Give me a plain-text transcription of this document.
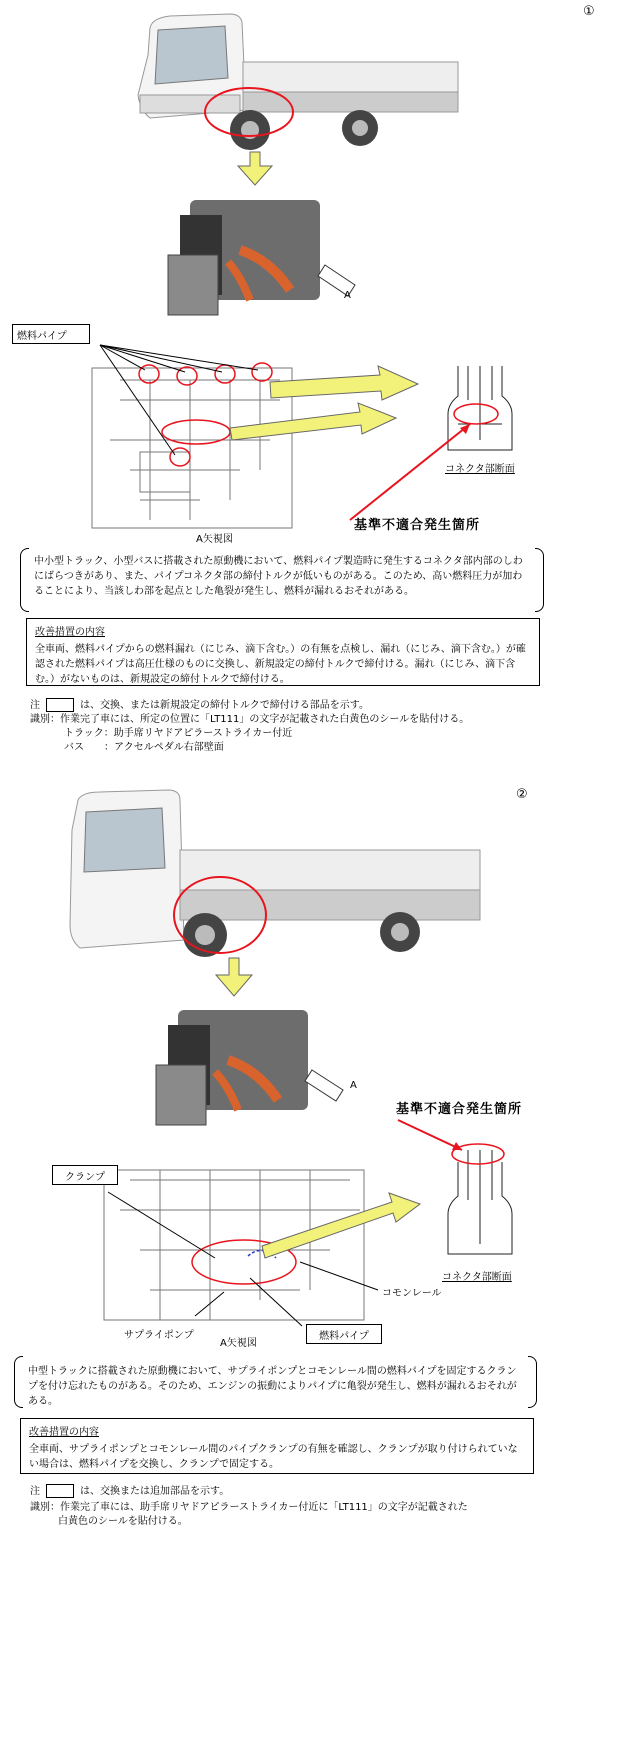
①
A
燃料パイプ
A矢視図
コネクタ部断面
基準不適合発生箇所
中小型トラック、小型バスに搭載された原動機において、燃料パイプ製造時に発生するコネクタ部内部のしわにばらつきがあり、また、パイプコネクタ部の締付トルクが低いものがある。このため、高い燃料圧力が加わることにより、当該しわ部を起点とした亀裂が発生し、燃料が漏れるおそれがある。
改善措置の内容
全車両、燃料パイプからの燃料漏れ（にじみ、滴下含む。）の有無を点検し、漏れ（にじみ、滴下含む。）が確認された燃料パイプは高圧仕様のものに交換し、新規設定の締付トルクで締付ける。漏れ（にじみ、滴下含む。）がないものは、新規設定の締付トルクで締付ける。
注	は、交換、または新規設定の締付トルクで締付ける部品を示す。
識別：作業完了車には、所定の位置に「LT111」の文字が記載された白黄色のシールを貼付ける。
トラック：助手席リヤドアピラーストライカー付近
バス　　：アクセルペダル右部壁面
②
A
基準不適合発生箇所
クランプ
コモンレール
サプライポンプ
A矢視図
燃料パイプ
コネクタ部断面
中型トラックに搭載された原動機において、サプライポンプとコモンレール間の燃料パイプを固定するクランプを付け忘れたものがある。そのため、エンジンの振動によりパイプに亀裂が発生し、燃料が漏れるおそれがある。
改善措置の内容
全車両、サプライポンプとコモンレール間のパイプクランプの有無を確認し、クランプが取り付けられていない場合は、燃料パイプを交換し、クランプで固定する。
注	は、交換または追加部品を示す。
識別：作業完了車には、助手席リヤドアピラーストライカー付近に「LT111」の文字が記載された
白黄色のシールを貼付ける。
